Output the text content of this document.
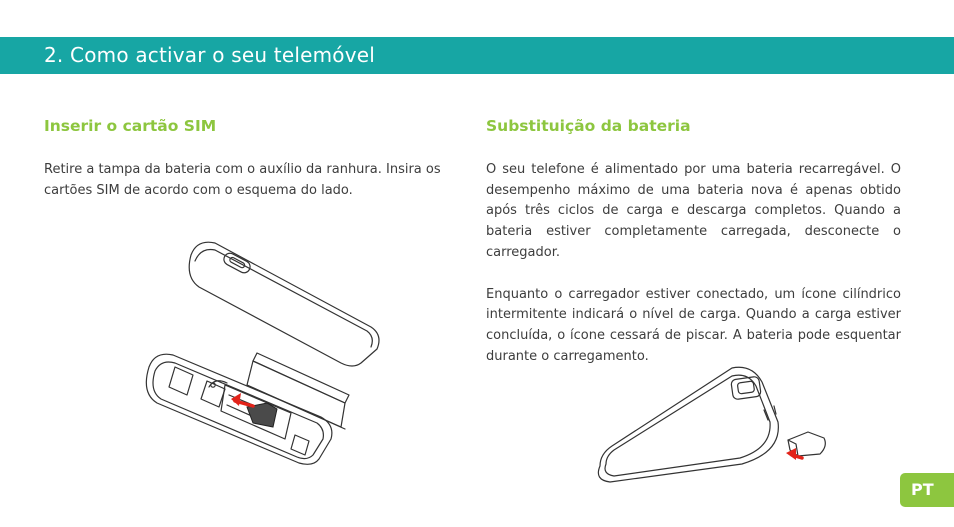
2. Como activar o seu telemóvel
Inserir o cartão SIM

Retire a tampa da bateria com o auxílio da ranhura. Insira os cartões SIM de acordo com o esquema do lado.

Substituição da bateria
O seu telefone é alimentado por uma bateria recarregável. O desempenho máximo de uma bateria nova é apenas obtido após três ciclos de carga e descarga completos. Quando a bateria estiver completamente carregada, desconecte o carregador.
Enquanto o carregador estiver conectado, um ícone cilíndrico intermitente indicará o nível de carga. Quando a carga estiver concluída, o ícone cessará de piscar. A bateria pode esquentar durante o carregamento.
PT
